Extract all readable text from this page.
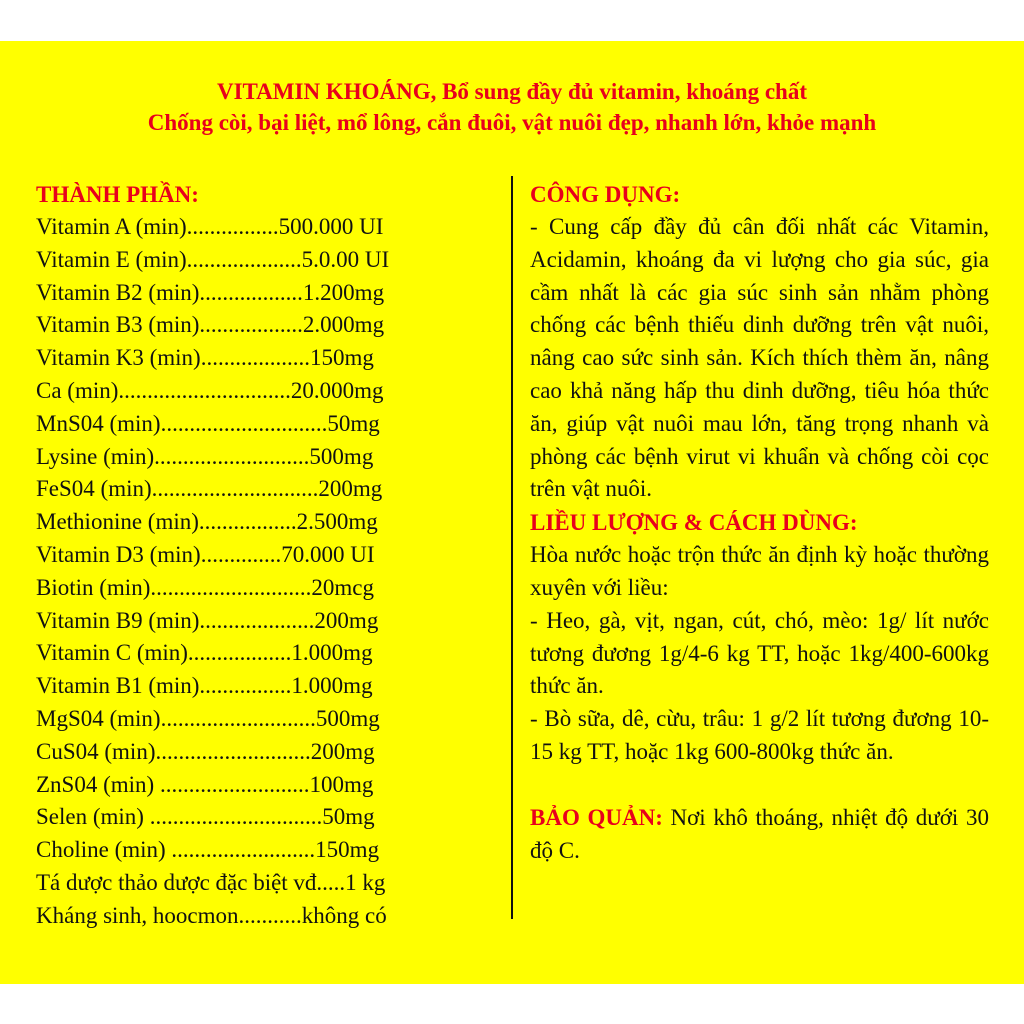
VITAMIN KHOÁNG, Bổ sung đầy đủ vitamin, khoáng chất
Chống còi, bại liệt, mổ lông, cắn đuôi, vật nuôi đẹp, nhanh lớn, khỏe mạnh
THÀNH PHẦN:
Vitamin A (min)................500.000 UI
Vitamin E (min)....................5.0.00 UI
Vitamin B2 (min)..................1.200mg
Vitamin B3 (min)..................2.000mg
Vitamin K3 (min)...................150mg
Ca (min)..............................20.000mg
MnS04 (min).............................50mg
Lysine (min)...........................500mg
FeS04 (min).............................200mg
Methionine (min).................2.500mg
Vitamin D3 (min)..............70.000 UI
Biotin (min)............................20mcg
Vitamin B9 (min)....................200mg
Vitamin C (min)..................1.000mg
Vitamin B1 (min)................1.000mg
MgS04 (min)...........................500mg
CuS04 (min)...........................200mg
ZnS04 (min) ..........................100mg
Selen (min) ..............................50mg
Choline (min) .........................150mg
Tá dược thảo dược đặc biệt vđ.....1 kg
Kháng sinh, hoocmon...........không có
CÔNG DỤNG:
- Cung cấp đầy đủ cân đối nhất các Vitamin, Acidamin, khoáng đa vi lượng cho gia súc, gia cầm nhất là các gia súc sinh sản nhằm phòng chống các bệnh thiếu dinh dưỡng trên vật nuôi, nâng cao sức sinh sản. Kích thích thèm ăn, nâng cao khả năng hấp thu dinh dưỡng, tiêu hóa thức ăn, giúp vật nuôi mau lớn, tăng trọng nhanh và phòng các bệnh virut vi khuẩn và chống còi cọc trên vật nuôi.
LIỀU LƯỢNG & CÁCH DÙNG:
Hòa nước hoặc trộn thức ăn định kỳ hoặc thường xuyên với liều:
- Heo, gà, vịt, ngan, cút, chó, mèo: 1g/ lít nước tương đương 1g/4-6 kg TT, hoặc 1kg/400-600kg thức ăn.
- Bò sữa, dê, cừu, trâu: 1 g/2 lít tương đương 10-15 kg TT, hoặc 1kg 600-800kg thức ăn.
BẢO QUẢN: Nơi khô thoáng, nhiệt độ dưới 30 độ C.
